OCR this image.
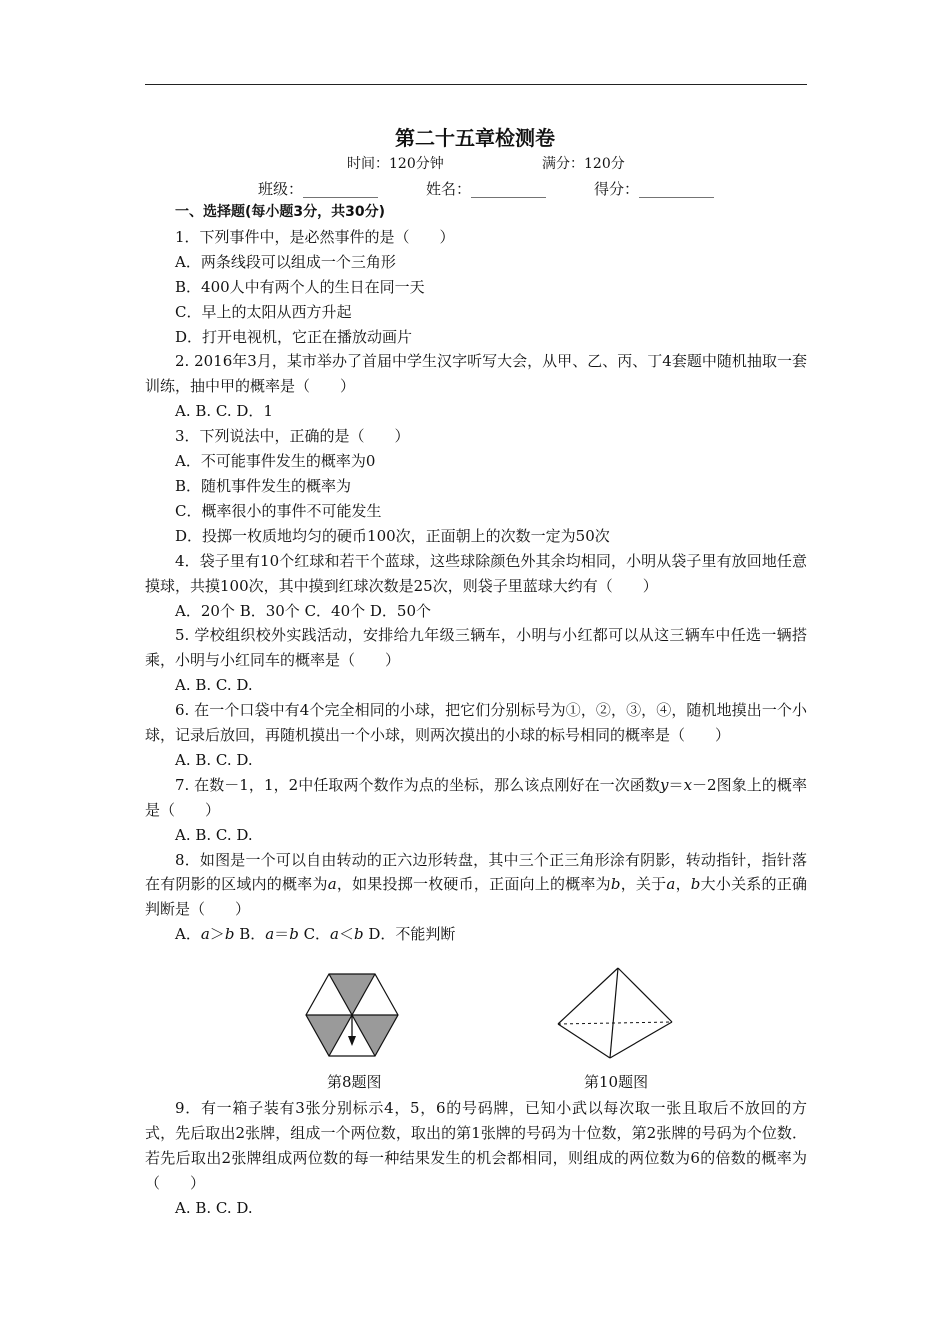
第二十五章检测卷
时间：120分钟	满分：120分
班级：__________	姓名：__________	得分：__________

一、选择题(每小题3分，共30分)

1．下列事件中，是必然事件的是（　　）

A．两条线段可以组成一个三角形

B．400人中有两个人的生日在同一天

C．早上的太阳从西方升起

D．打开电视机，它正在播放动画片

2. 2016年3月，某市举办了首届中学生汉字听写大会，从甲、乙、丙、丁4套题中随机抽取一套训练，抽中甲的概率是（　　）

A. B. C. D．1

3．下列说法中，正确的是（　　）

A．不可能事件发生的概率为0

B．随机事件发生的概率为

C．概率很小的事件不可能发生

D．投掷一枚质地均匀的硬币100次，正面朝上的次数一定为50次

4．袋子里有10个红球和若干个蓝球，这些球除颜色外其余均相同，小明从袋子里有放回地任意摸球，共摸100次，其中摸到红球次数是25次，则袋子里蓝球大约有（　　）

A．20个 B．30个 C．40个 D．50个

5. 学校组织校外实践活动，安排给九年级三辆车，小明与小红都可以从这三辆车中任选一辆搭乘，小明与小红同车的概率是（　　）

A. B. C. D.

6. 在一个口袋中有4个完全相同的小球，把它们分别标号为①，②，③，④，随机地摸出一个小球，记录后放回，再随机摸出一个小球，则两次摸出的小球的标号相同的概率是（　　）

A. B. C. D.

7. 在数－1，1，2中任取两个数作为点的坐标，那么该点刚好在一次函数y＝x－2图象上的概率是（　　）

A. B. C. D.

8．如图是一个可以自由转动的正六边形转盘，其中三个正三角形涂有阴影，转动指针，指针落在有阴影的区域内的概率为a，如果投掷一枚硬币，正面向上的概率为b，关于a，b大小关系的正确判断是（　　）

A．a＞b B．a＝b C．a＜b D．不能判断

第8题图	第10题图

9．有一箱子装有3张分别标示4，5，6的号码牌，已知小武以每次取一张且取后不放回的方式，先后取出2张牌，组成一个两位数，取出的第1张牌的号码为十位数，第2张牌的号码为个位数．若先后取出2张牌组成两位数的每一种结果发生的机会都相同，则组成的两位数为6的倍数的概率为（　　）

A. B. C. D.
